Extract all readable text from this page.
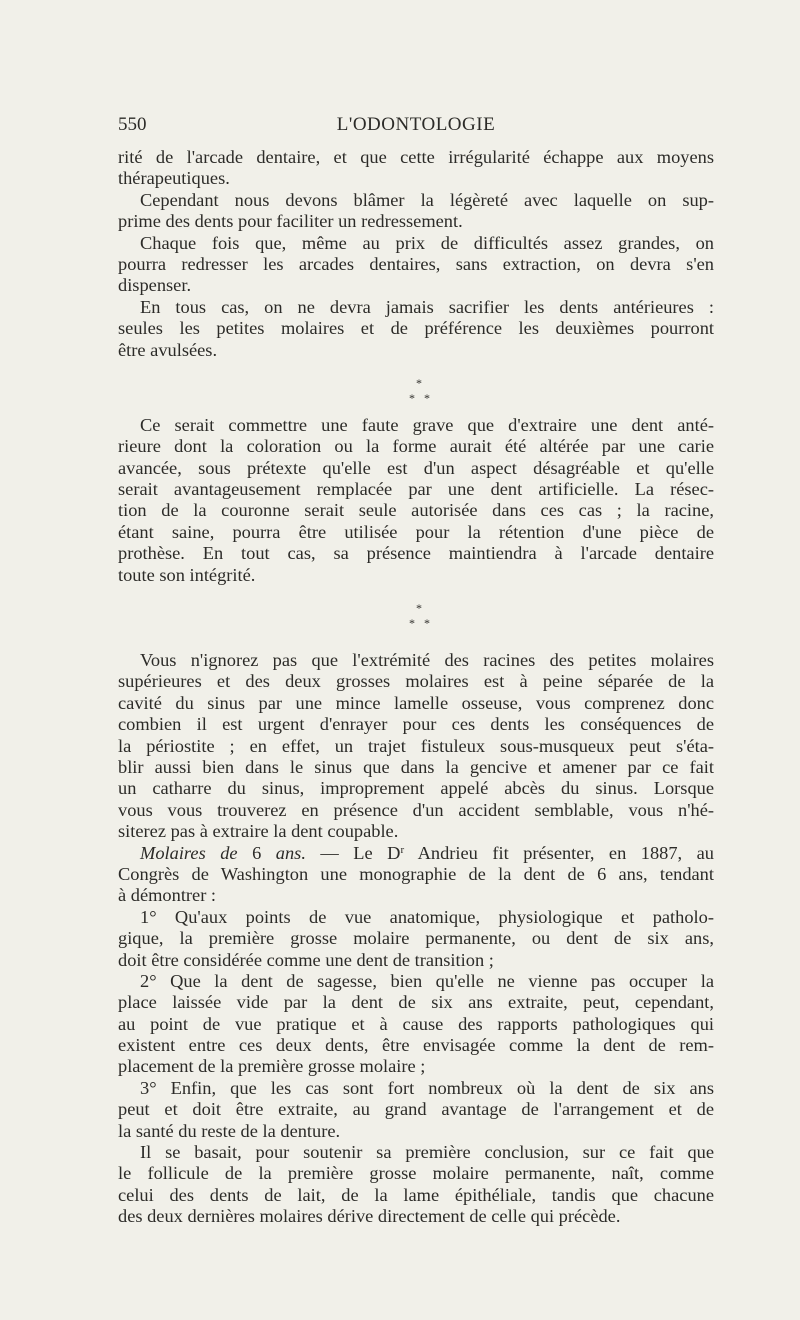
550	L'ODONTOLOGIE
rité de l'arcade dentaire, et que cette irrégularité échappe aux moyens
thérapeutiques.
Cependant nous devons blâmer la légèreté avec laquelle on sup-
prime des dents pour faciliter un redressement.
Chaque fois que, même au prix de difficultés assez grandes, on
pourra redresser les arcades dentaires, sans extraction, on devra s'en
dispenser.
En tous cas, on ne devra jamais sacrifier les dents antérieures :
seules les petites molaires et de préférence les deuxièmes pourront
être avulsées.
*
* *
Ce serait commettre une faute grave que d'extraire une dent anté-
rieure dont la coloration ou la forme aurait été altérée par une carie
avancée, sous prétexte qu'elle est d'un aspect désagréable et qu'elle
serait avantageusement remplacée par une dent artificielle. La résec-
tion de la couronne serait seule autorisée dans ces cas ; la racine,
étant saine, pourra être utilisée pour la rétention d'une pièce de
prothèse. En tout cas, sa présence maintiendra à l'arcade dentaire
toute son intégrité.
*
* *
Vous n'ignorez pas que l'extrémité des racines des petites molaires
supérieures et des deux grosses molaires est à peine séparée de la
cavité du sinus par une mince lamelle osseuse, vous comprenez donc
combien il est urgent d'enrayer pour ces dents les conséquences de
la périostite ; en effet, un trajet fistuleux sous-musqueux peut s'éta-
blir aussi bien dans le sinus que dans la gencive et amener par ce fait
un catharre du sinus, improprement appelé abcès du sinus. Lorsque
vous vous trouverez en présence d'un accident semblable, vous n'hé-
siterez pas à extraire la dent coupable.
Molaires de 6 ans. — Le $D^r$ Andrieu fit présenter, en 1887, au
Congrès de Washington une monographie de la dent de 6 ans, tendant
à démontrer :
1° Qu'aux points de vue anatomique, physiologique et patholo-
gique, la première grosse molaire permanente, ou dent de six ans,
doit être considérée comme une dent de transition ;
2° Que la dent de sagesse, bien qu'elle ne vienne pas occuper la
place laissée vide par la dent de six ans extraite, peut, cependant,
au point de vue pratique et à cause des rapports pathologiques qui
existent entre ces deux dents, être envisagée comme la dent de rem-
placement de la première grosse molaire ;
3° Enfin, que les cas sont fort nombreux où la dent de six ans
peut et doit être extraite, au grand avantage de l'arrangement et de
la santé du reste de la denture.
Il se basait, pour soutenir sa première conclusion, sur ce fait que
le follicule de la première grosse molaire permanente, naît, comme
celui des dents de lait, de la lame épithéliale, tandis que chacune
des deux dernières molaires dérive directement de celle qui précède.
